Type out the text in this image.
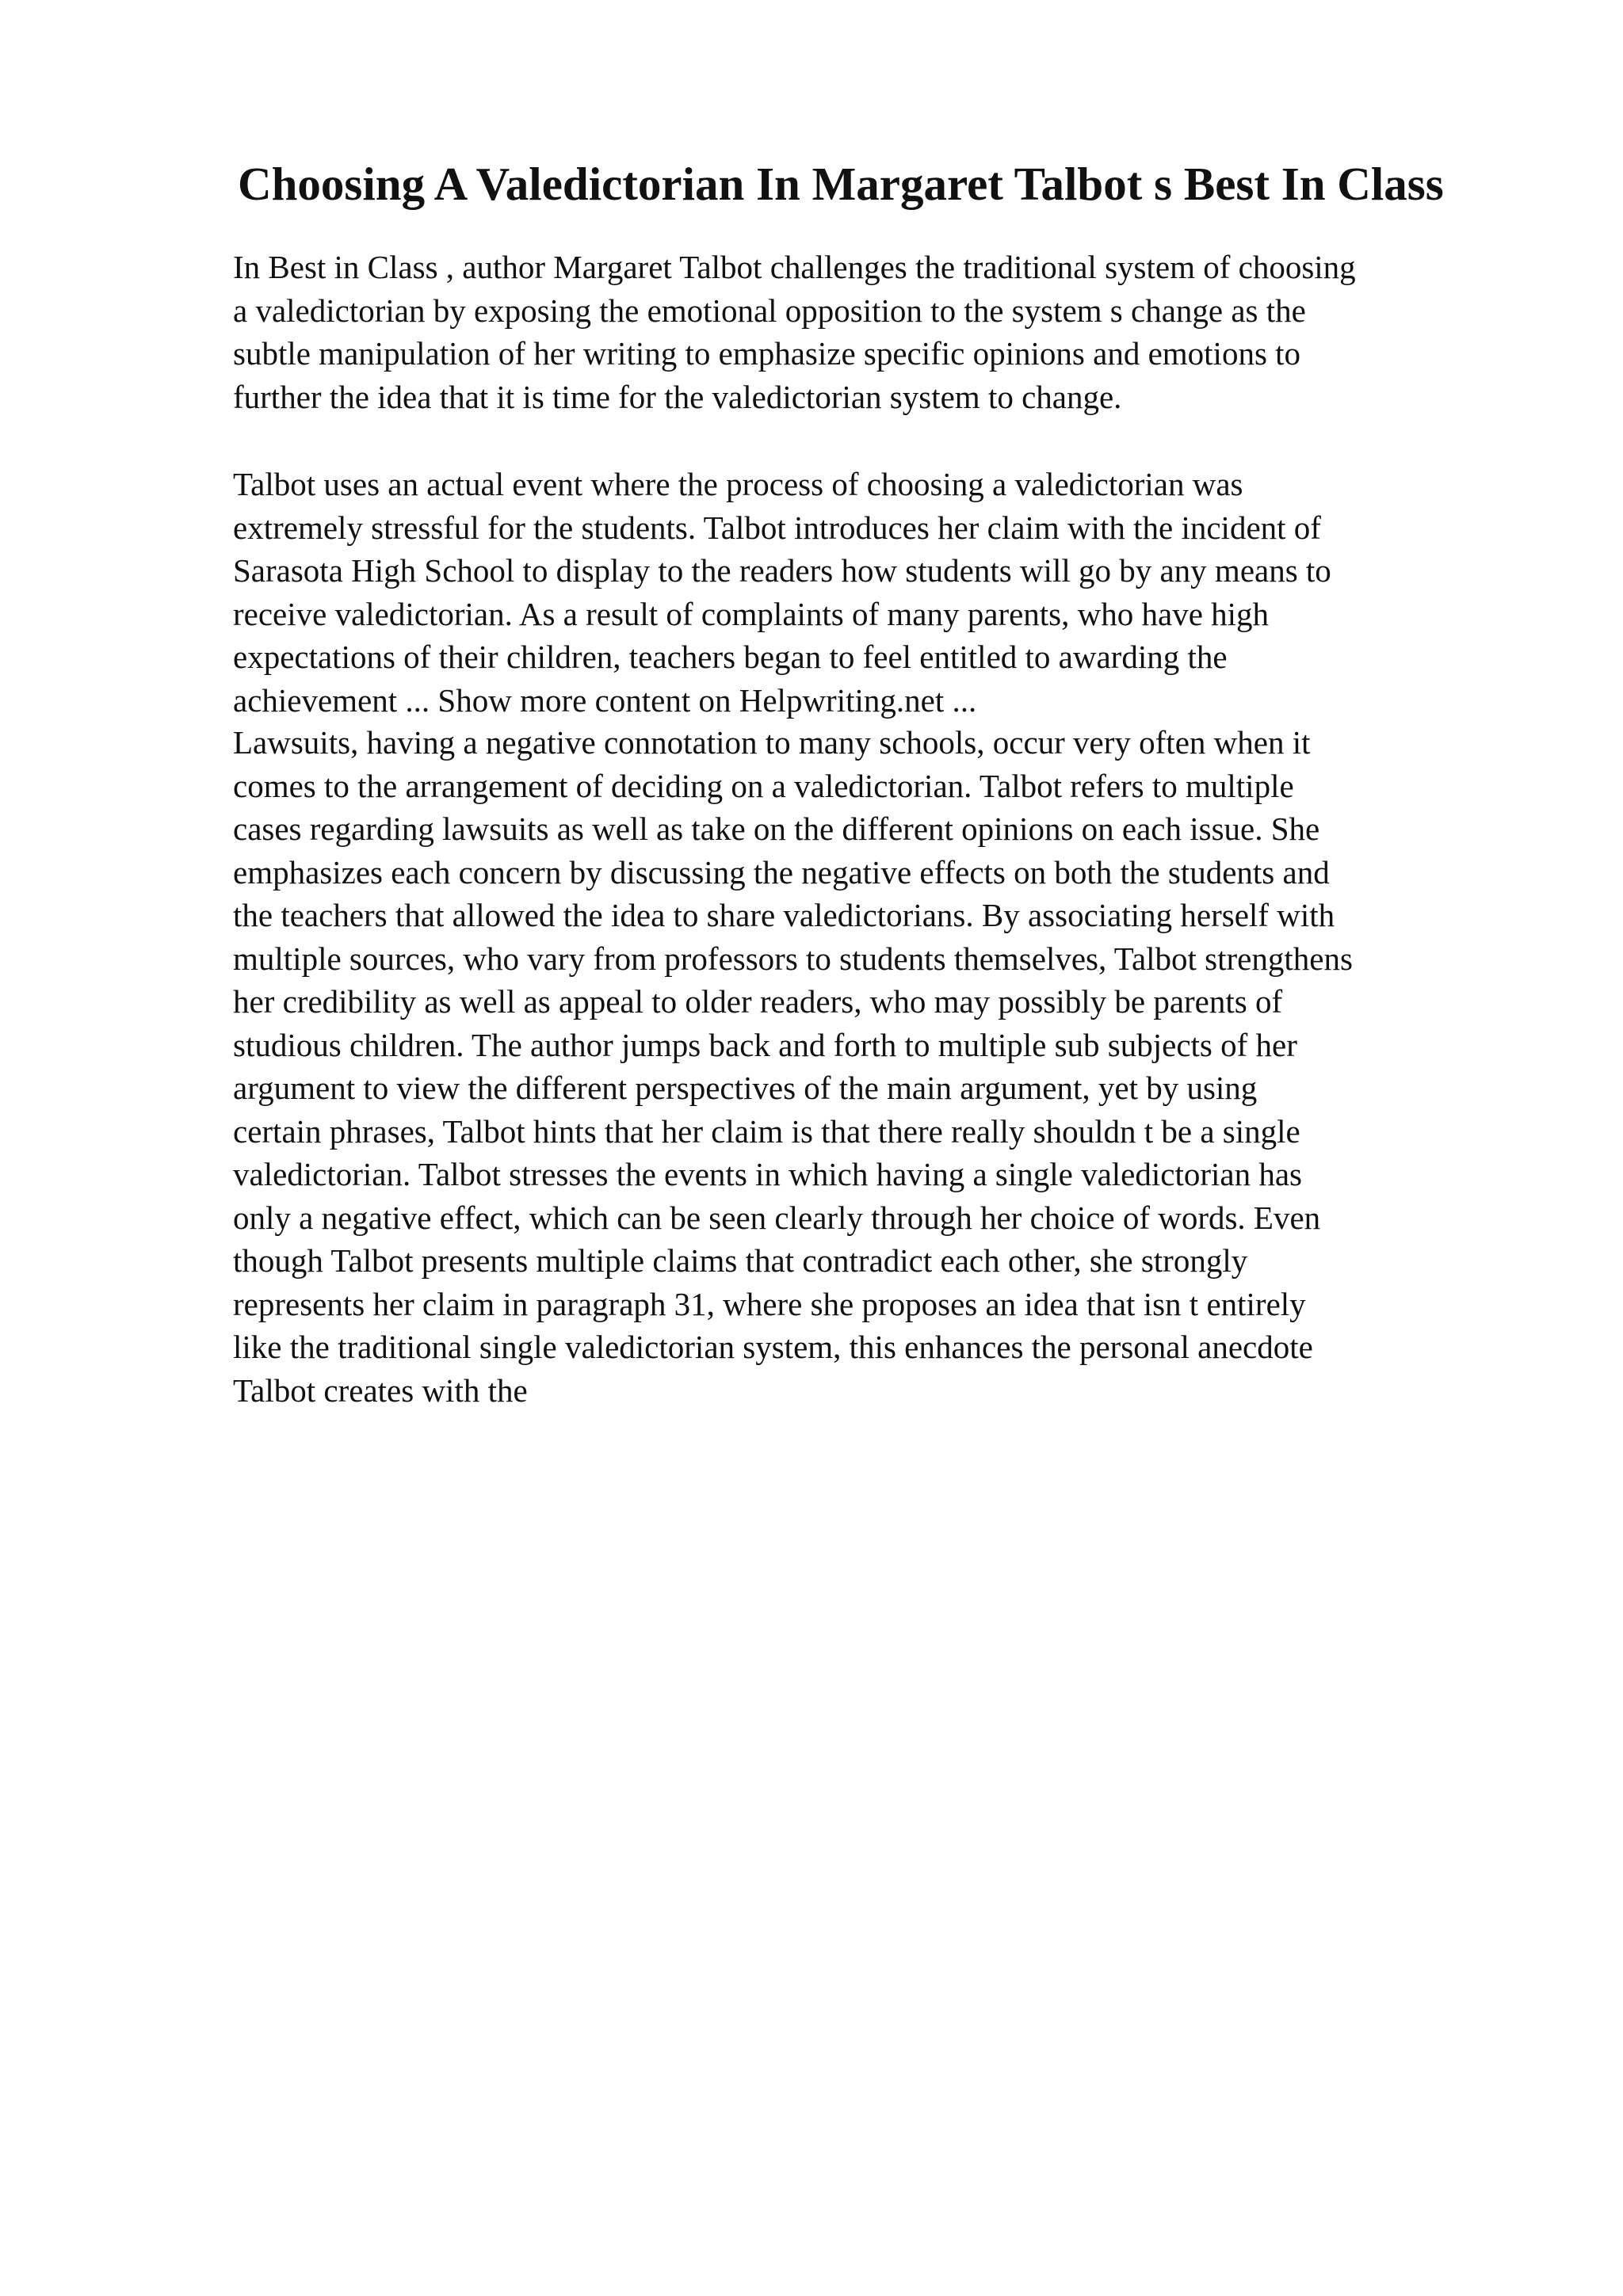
Choosing A Valedictorian In Margaret Talbot s Best In Class
In Best in Class , author Margaret Talbot challenges the traditional system of choosing
a valedictorian by exposing the emotional opposition to the system s change as the
subtle manipulation of her writing to emphasize specific opinions and emotions to
further the idea that it is time for the valedictorian system to change.
Talbot uses an actual event where the process of choosing a valedictorian was
extremely stressful for the students. Talbot introduces her claim with the incident of
Sarasota High School to display to the readers how students will go by any means to
receive valedictorian. As a result of complaints of many parents, who have high
expectations of their children, teachers began to feel entitled to awarding the
achievement ... Show more content on Helpwriting.net ...
Lawsuits, having a negative connotation to many schools, occur very often when it
comes to the arrangement of deciding on a valedictorian. Talbot refers to multiple
cases regarding lawsuits as well as take on the different opinions on each issue. She
emphasizes each concern by discussing the negative effects on both the students and
the teachers that allowed the idea to share valedictorians. By associating herself with
multiple sources, who vary from professors to students themselves, Talbot strengthens
her credibility as well as appeal to older readers, who may possibly be parents of
studious children. The author jumps back and forth to multiple sub subjects of her
argument to view the different perspectives of the main argument, yet by using
certain phrases, Talbot hints that her claim is that there really shouldn t be a single
valedictorian. Talbot stresses the events in which having a single valedictorian has
only a negative effect, which can be seen clearly through her choice of words. Even
though Talbot presents multiple claims that contradict each other, she strongly
represents her claim in paragraph 31, where she proposes an idea that isn t entirely
like the traditional single valedictorian system, this enhances the personal anecdote
Talbot creates with the
